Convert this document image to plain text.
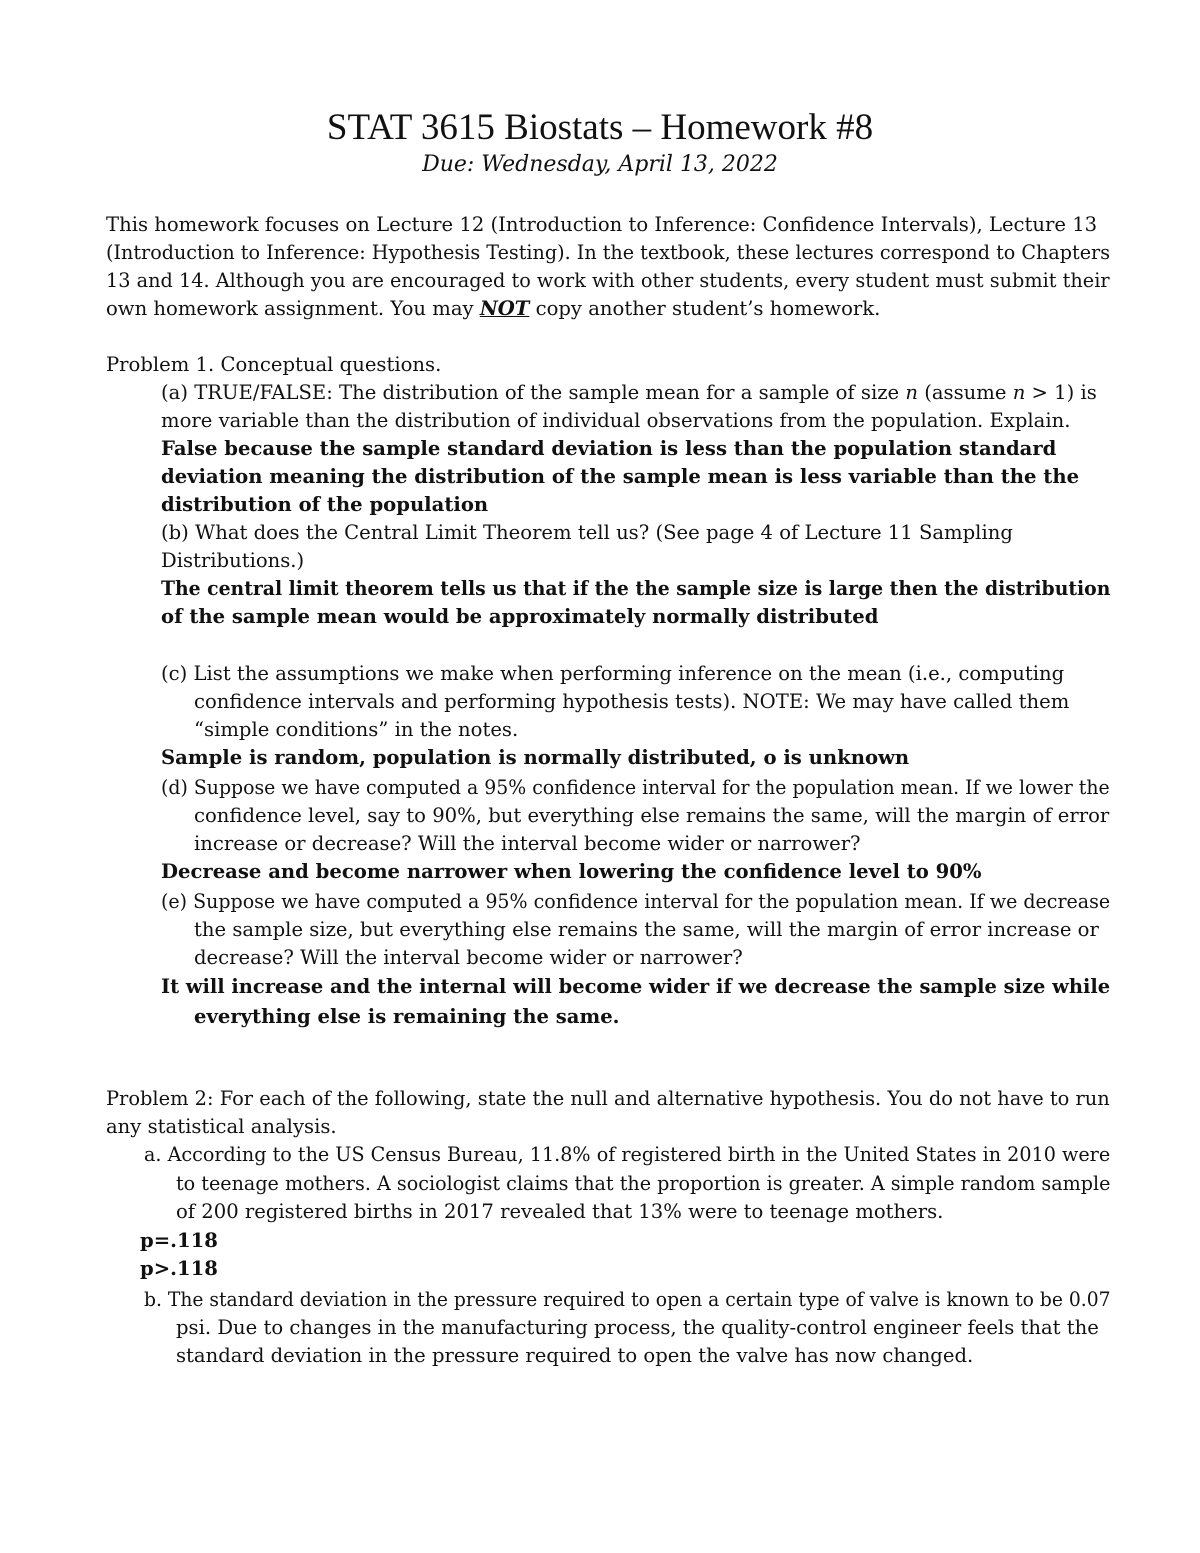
STAT 3615 Biostats – Homework #8
Due: Wednesday, April 13, 2022
This homework focuses on Lecture 12 (Introduction to Inference: Confidence Intervals), Lecture 13
(Introduction to Inference: Hypothesis Testing). In the textbook, these lectures correspond to Chapters
13 and 14. Although you are encouraged to work with other students, every student must submit their
own homework assignment. You may NOT copy another student’s homework.
Problem 1. Conceptual questions.
(a) TRUE/FALSE: The distribution of the sample mean for a sample of size n (assume n > 1) is
more variable than the distribution of individual observations from the population. Explain.
False because the sample standard deviation is less than the population standard
deviation meaning the distribution of the sample mean is less variable than the the
distribution of the population
(b) What does the Central Limit Theorem tell us? (See page 4 of Lecture 11 Sampling
Distributions.)
The central limit theorem tells us that if the the sample size is large then the distribution
of the sample mean would be approximately normally distributed
(c) List the assumptions we make when performing inference on the mean (i.e., computing
confidence intervals and performing hypothesis tests). NOTE: We may have called them
“simple conditions” in the notes.
Sample is random, population is normally distributed, o is unknown
(d) Suppose we have computed a 95% confidence interval for the population mean. If we lower the
confidence level, say to 90%, but everything else remains the same, will the margin of error
increase or decrease? Will the interval become wider or narrower?
Decrease and become narrower when lowering the confidence level to 90%
(e) Suppose we have computed a 95% confidence interval for the population mean. If we decrease
the sample size, but everything else remains the same, will the margin of error increase or
decrease? Will the interval become wider or narrower?
It will increase and the internal will become wider if we decrease the sample size while
everything else is remaining the same.
Problem 2: For each of the following, state the null and alternative hypothesis. You do not have to run
any statistical analysis.
a. According to the US Census Bureau, 11.8% of registered birth in the United States in 2010 were
to teenage mothers. A sociologist claims that the proportion is greater. A simple random sample
of 200 registered births in 2017 revealed that 13% were to teenage mothers.
p=.118
p>.118
b. The standard deviation in the pressure required to open a certain type of valve is known to be 0.07
psi. Due to changes in the manufacturing process, the quality-control engineer feels that the
standard deviation in the pressure required to open the valve has now changed.
